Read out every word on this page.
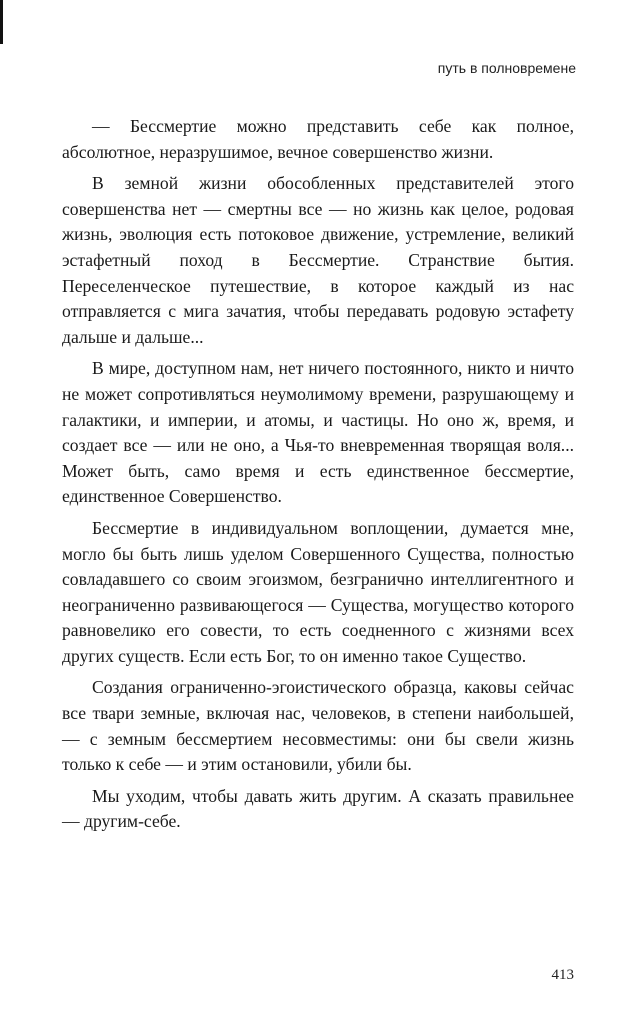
путь в полновремене

— Бессмертие можно представить себе как полное, абсолютное, неразрушимое, вечное совершенство жизни.

В земной жизни обособленных представителей этого совершенства нет — смертны все — но жизнь как целое, родовая жизнь, эволюция есть потоковое движение, устремление, великий эстафетный поход в Бессмертие. Странствие бытия. Переселенческое путешествие, в которое каждый из нас отправляется с мига зачатия, чтобы передавать родовую эстафету дальше и дальше...

В мире, доступном нам, нет ничего постоянного, никто и ничто не может сопротивляться неумолимому времени, разрушающему и галактики, и империи, и атомы, и частицы. Но оно ж, время, и создает все — или не оно, а Чья-то вневременная творящая воля... Может быть, само время и есть единственное бессмертие, единственное Совершенство.

Бессмертие в индивидуальном воплощении, думается мне, могло бы быть лишь уделом Совершенного Существа, полностью совладавшего со своим эгоизмом, безгранично интеллигентного и неограниченно развивающегося — Существа, могущество которого равновелико его совести, то есть соедненного с жизнями всех других существ. Если есть Бог, то он именно такое Существо.

Создания ограниченно-эгоистического образца, каковы сейчас все твари земные, включая нас, человеков, в степени наибольшей, — с земным бессмертием несовместимы: они бы свели жизнь только к себе — и этим остановили, убили бы.

Мы уходим, чтобы давать жить другим. А сказать правильнее — другим-себе.

413
